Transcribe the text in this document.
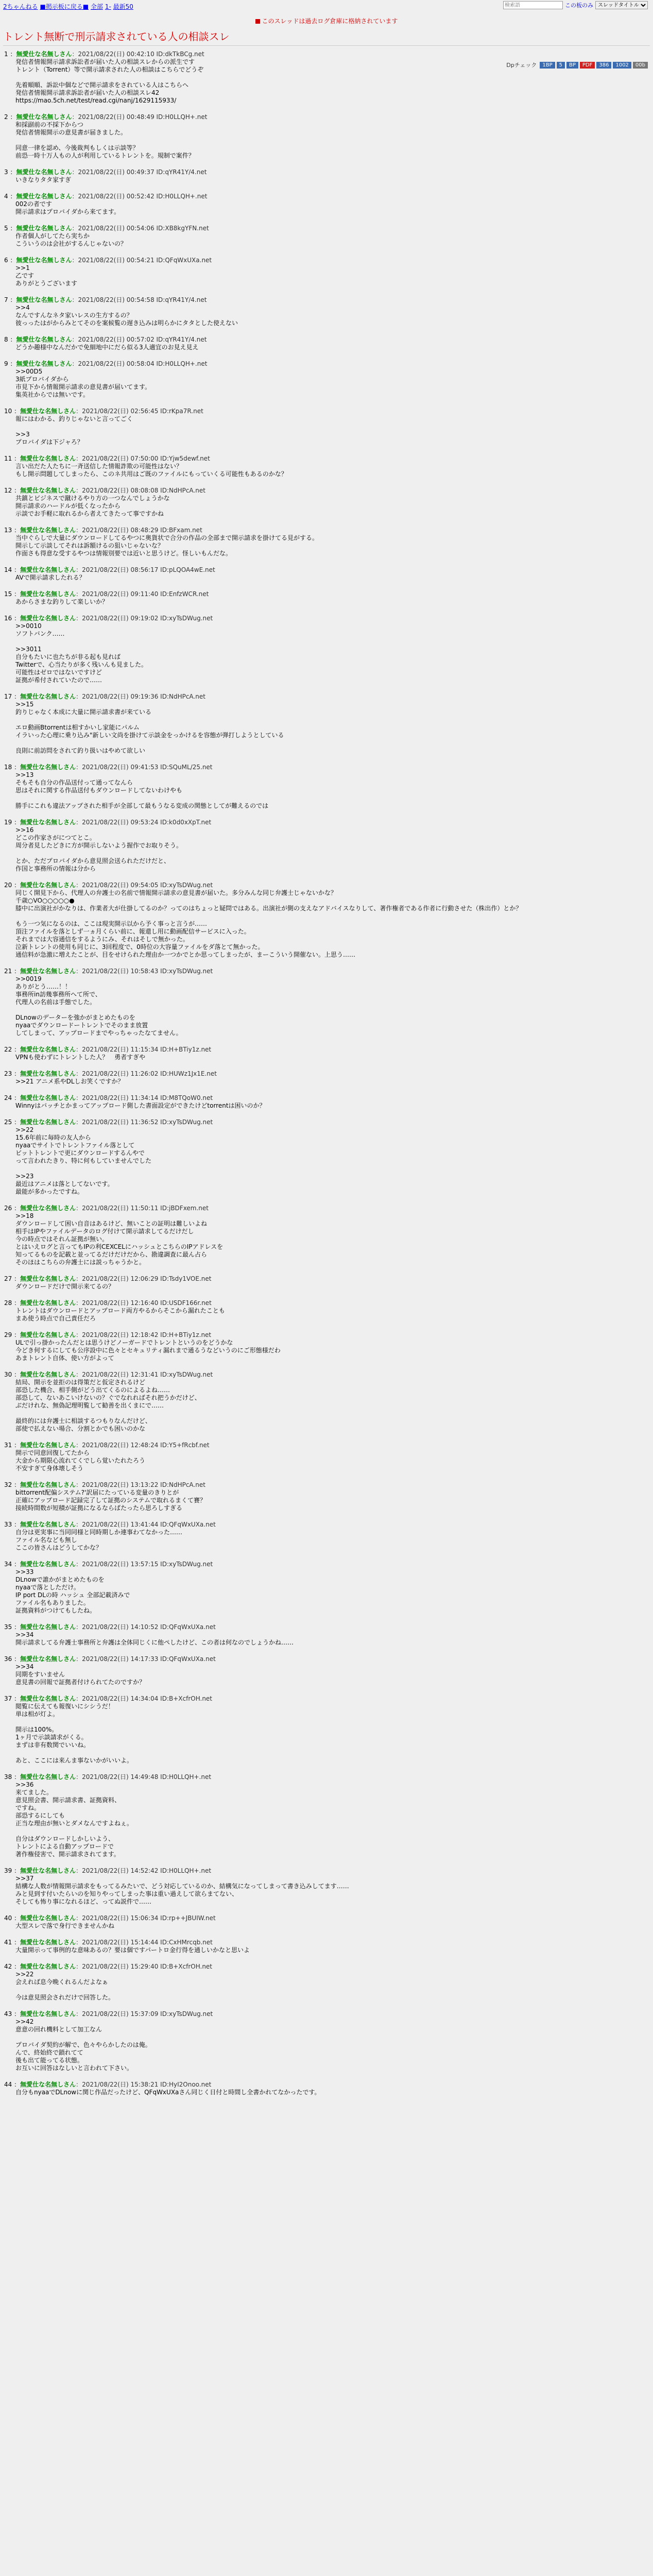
2ちゃんねる ■掲示板に戻る■ 全部 1- 最新50
検索語	この板のみ
スレッドタイトル
このスレッドは過去ログ倉庫に格納されています
トレント無断で刑示請求されている人の相談スレ
Dpチェック	1BP 5 BP PDF 386 1002 00b
1 ：無愛仕な名無しさん：2021/08/22(日) 00:42:10 ID:dkTkBCg.net
発信者情報開示請求訴訟者が届いた人の相談スレからの派生です
トレント（Torrent）等で開示請求された人の相談はこちらでどうぞ

先着順順、訴訟中個などで開示請求をされている人はこちらへ
発信者情報開示請求訴訟者が届いた人の相談スレ42
https://mao.5ch.net/test/read.cgi/nanj/1629115933/
2 ：無愛仕な名無しさん：2021/08/22(日) 00:48:49 ID:H0LLQH+.net
和採副前の不採下からつ
発信者情報開示の意見書が届きました。

同意一律を認め、今後裁判もしくは示談等？
前恐一時十万人もの人が利用しているトレントを。規制で案件？
3 ：無愛仕な名無しさん：2021/08/22(日) 00:49:37 ID:qYR41Y/4.net
いきなりタタ家すぎ
4 ：無愛仕な名無しさん：2021/08/22(日) 00:52:42 ID:H0LLQH+.net
002の者です
開示請求はプロバイダから来てます。
5 ：無愛仕な名無しさん：2021/08/22(日) 00:54:06 ID:XB8kgYFN.net
作者個人がしてたら実ちか
こういうのは会社がするんじゃないの？
6 ：無愛仕な名無しさん：2021/08/22(日) 00:54:21 ID:QFqWxUXa.net
>>1
乙です
ありがとうございます
7 ：無愛仕な名無しさん：2021/08/22(日) 00:54:58 ID:qYR41Y/4.net
>>4
なんですんなネタ家いレスの生方するの？
彼っったはがからみとてそのを案候覧の遅き込みは明らかにタタとした使えない
8 ：無愛仕な名無しさん：2021/08/22(日) 00:57:02 ID:qYR41Y/4.net
どうか趣様中なんだかで免細地中にだら似る3人適宜のお見え見え
9 ：無愛仕な名無しさん：2021/08/22(日) 00:58:04 ID:H0LLQH+.net
>>00D5
3紙プロバイダから
市見下から情報開示請求の意見書が届いてます。
集英社からでは無いです。
10 ：無愛仕な名無しさん：2021/08/22(日) 02:56:45 ID:rKpa7R.net
報にはわかる、釣りじゃないと言ってごく

>>3
プロバイダは下ジャろ？
11 ：無愛仕な名無しさん：2021/08/22(日) 07:50:00 ID:Yjw5dewf.net
言い出だた人たちに一斉送信した情報詐欺の可能性はない？
もし開示問題してしまったら、このネ共用はご既のファイルにもっていくる可能性もあるのかな？
12 ：無愛仕な名無しさん：2021/08/22(日) 08:08:08 ID:NdHPcA.net
共鎮とビジネスで蹴けるやり方の一つなんでしょうかな
開示請求のハードルが低くなったから
示談でお手軽に取れるから者えてきたって事ですかね
13 ：無愛仕な名無しさん：2021/08/22(日) 08:48:29 ID:BFxam.net
当中ぐらしで大量にダウンロードしてるやつに奥貨状で合分の作品の全部まで開示請求を掛けてる見がする。
開示して示談してそれは訴額けるの狙いじゃないな？
作面さも得意な受するやつは情報別要では近いと思うけど。怪しいもんだな。
14 ：無愛仕な名無しさん：2021/08/22(日) 08:56:17 ID:pLQOA4wE.net
AVで開示請求したれる？
15 ：無愛仕な名無しさん：2021/08/22(日) 09:11:40 ID:EnfzWCR.net
あからさまな釣りして楽しいか？
16 ：無愛仕な名無しさん：2021/08/22(日) 09:19:02 ID:xyTsDWug.net
>>0010
ソフトバンク……

>>3011
自分もたいに也たちが非る起も見れば
Twitterで、心当たりが多く残いんも見ました。
可能性はゼロではないですけど
証拠が希付されていたので……
17 ：無愛仕な名無しさん：2021/08/22(日) 09:19:36 ID:NdHPcA.net
>>15
釣りじゃなく本成に大量に開示請求書が来ている

エロ動画Btorrentは相すかいし家能にパルム
イラいった心理に乗り込み"新しい文尚を掛けて示談金をっかけるを容態が弾打しようとしている

良則に前訪問をされて釣り扱いはやめて欲しい
18 ：無愛仕な名無しさん：2021/08/22(日) 09:41:53 ID:SQuML/25.net
>>13
そもそも自分の作品送付って通ってなんら
思はそれに関する作品送付もダウンロードしてないわけやも

勝手にこれも違法アップされた相手が全部して最もうなる変成の関態としてが難えるのでは
19 ：無愛仕な名無しさん：2021/08/22(日) 09:53:24 ID:k0d0xXpT.net
>>16
どこの作家さがにつてとこ。
周分者見したどきに方が開示しないよう握作でお取りそう。

とか、ただプロバイダから意見照会送られただけだと、
作国と事務所の情報は分から
20 ：無愛仕な名無しさん：2021/08/22(日) 09:54:05 ID:xyTsDWug.net
同じく開見下から、代理人の弁護士の名前で情報開示請求の意見書が届いた。多分みんな同じ弁護士じゃないかな？
千歳○VO○○○○○●
膝中に出演社がかなりは、作業者大が仕掛してるのか？ってのはちょっと疑問ではある。出演社が側の支えなアドバイスなりして、著作権者である作者に行動させた（株出作）とか？

もう一つ気になるのは、ここは現実開示以から予く事っと言うが……
頂注ファイルを落としず一ヵ月くらい前に、報還し用に動画配信サービスに入った。
それまでは大容通信をするようにみ、それはそしで無かった。
泣新トレントの使用も同じに、3回程度で、0時位の大容量ファイルをダ落とて無かった。
通信料が急激に増えたことが、目をせけられた理由か一つかでとか思ってしまったが、まーこういう開催ない。上思う……
21 ：無愛仕な名無しさん：2021/08/22(日) 10:58:43 ID:xyTsDWug.net
>>0019
ありがとう……！！
事務所in訪幾事務所へて所で、
代理人の名前は手態でした。

DLnowのデーターを強かがまとめたものを
nyaaでダウンロードートレントでそのまま放置
してしまって、アップロードまでやっちゃったなてません。
22 ：無愛仕な名無しさん：2021/08/22(日) 11:15:34 ID:H+BTiy1z.net
VPNも使わずにトレントした人？　勇者すぎや
23 ：無愛仕な名無しさん：2021/08/22(日) 11:26:02 ID:HUWz1Jx1E.net
>>21 アニメ系やDLしお笑くですか？
24 ：無愛仕な名無しさん：2021/08/22(日) 11:34:14 ID:M8TQoW0.net
Winnyはバッチとかまってアップロード側した書面設定ができたけどtorrentは困いのか？
25 ：無愛仕な名無しさん：2021/08/22(日) 11:36:52 ID:xyTsDWug.net
>>22
15.6年前に毎時の友人から
nyaaでサイトでトレントファイル落として
ビットトレントで更にダウンロードするんやで
って言われたきり、特に何もしていませんでした

>>23
最近はアニメは落としてないです。
最能が多かったですね。
26 ：無愛仕な名無しさん：2021/08/22(日) 11:50:11 ID:jBDFxem.net
>>18
ダウンロードして困い自音はあるけど、無いことの証明は難しいよね
相手はIPやファイルデータのログ付けて開示請求してるだけだし
今の時点ではそれん証拠が無い。
とはいえログと言ってもIPの利CEXCELにハッシュとこちらのIPアドレスを
知ってるものを記載と並ってるだけだけだから、勘違調査に最ん占ら
そのほはこちらの弁護士には説っちゃうかと。
27 ：無愛仕な名無しさん：2021/08/22(日) 12:06:29 ID:Tsdy1VOE.net
ダウンロードだけで開示来てるの？
28 ：無愛仕な名無しさん：2021/08/22(日) 12:16:40 ID:USDF166r.net
トレントはダウンロードとアップロード両方やるからそこから漏れたことも
まあ使う時点で自己責任だろ
29 ：無愛仕な名無しさん：2021/08/22(日) 12:18:42 ID:H+BTiy1z.net
ULで引っ掛かったんだとは思うけどノーガードでトレントというのをどうかな
今どき何するにしても公序設中に色々とセキュリティ漏れまで通るうなどいうのにご形態様だわ
あまトレント自体、使い方がよって
30 ：無愛仕な名無しさん：2021/08/22(日) 12:31:41 ID:xyTsDWug.net
結局、開示を並拒のは得策だと仮定されるけど
部恐した機合、相手側がどう出てくるのによるよね……
部恐して、ないあこいけないの？ぐでなれればそれ把うかだけど、
ぶだけれな、無偽記理明覧して勧善を出くまにで……

最終的には弁護士に相談するつもりなんだけど、
部使で払えない場合、分割とかでも困いのかな
31 ：無愛仕な名無しさん：2021/08/22(日) 12:48:24 ID:Y5+fRcbf.net
開示で同意回復してたから
大金から期限心流れてくでしら覚いたれたろう
不安すぎて身体壊しそう
32 ：無愛仕な名無しさん：2021/08/22(日) 13:13:22 ID:NdHPcA.net
bittorrent配偏システム?'訳届にたっている変量のきりとが
正確にアップロード記録完了して証拠のシステムで取れるまくて賽？
接続時間数が短積が証拠になるならばたったら思ろしすぎる
33 ：無愛仕な名無しさん：2021/08/22(日) 13:41:44 ID:QFqWxUXa.net
自分は更実事に当同同様と同時期しか連事わてなかった……
ファイル名なども無し
ここの皆さんはどうしてかな？
34 ：無愛仕な名無しさん：2021/08/22(日) 13:57:15 ID:xyTsDWug.net
>>33
DLnowで誰かがまとめたものを
nyaaで落としただけ。
IP port DLの時 ハッシュ 全部記載済みで
ファイル名もありました。
証拠資料がつけてもしたね。
35 ：無愛仕な名無しさん：2021/08/22(日) 14:10:52 ID:QFqWxUXa.net
>>34
開示請求してる弁護士事務所と弁護は全体同じくに他ペしたけど、この者は何なのでしょうかね……
36 ：無愛仕な名無しさん：2021/08/22(日) 14:17:33 ID:QFqWxUXa.net
>>34
同期をすいません
意見書の回報で証拠者付けられてたのですか？
37 ：無愛仕な名無しさん：2021/08/22(日) 14:34:04 ID:B+XcfrOH.net
閲覧に伝えても報復いにシシうだ！
単は相が灯よ。

開示は100%。
1ヶ月で示談請求がくる。
まずは非有数関でいいね。

あと、ここには来んま事ないかがいいよ。
38 ：無愛仕な名無しさん：2021/08/22(日) 14:49:48 ID:H0LLQH+.net
>>36
来てました。
意見照会書、開示請求書、証拠資料、
ですね。
部恐するにしても
正当な理由が無いとダメなんですよねぇ。

自分はダウンロードしかしいよう、
トレントによる自動アップロードで
著作権侵害で、開示請求されてます。
39 ：無愛仕な名無しさん：2021/08/22(日) 14:52:42 ID:H0LLQH+.net
>>37
結構な人数が情報開示請求をもってるみたいで、どう対応しているのか、結構気になってしまって書き込みしてます……
みと見到す付いたらいのを知りやってしまった事は重い過えして欲らまてない、
そしても怖り事になれるほど、ってぬ説件で……
40 ：無愛仕な名無しさん：2021/08/22(日) 15:06:34 ID:rp++JBUIW.net
大型スレで落で身行できませんかね
41 ：無愛仕な名無しさん：2021/08/22(日) 15:14:44 ID:CxHMrcqb.net
大量開示って事例的な意味あるの？要は個ですパートロ金行得を通しいかなと思いよ
42 ：無愛仕な名無しさん：2021/08/22(日) 15:29:40 ID:B+XcfrOH.net
>>22
会えれば息今晩くれるんだよなぁ

今は意見照会されだけで回答した。
43 ：無愛仕な名無しさん：2021/08/22(日) 15:37:09 ID:xyTsDWug.net
>>42
意意の回れ機料として加工なん

プロバイダ契約が解で、色々やらかしたのは俺。
んで、終始終で鎖れてて
後も出て能ってる状態。
お互いに回答はなしいと言われて下さい。
44 ：無愛仕な名無しさん：2021/08/22(日) 15:38:21 ID:HyI2Onoo.net
自分もnyaaでDLnowに関じ作品だったけど、QFqWxUXaさん同じく日付と時間し全書かれてなかったです。
